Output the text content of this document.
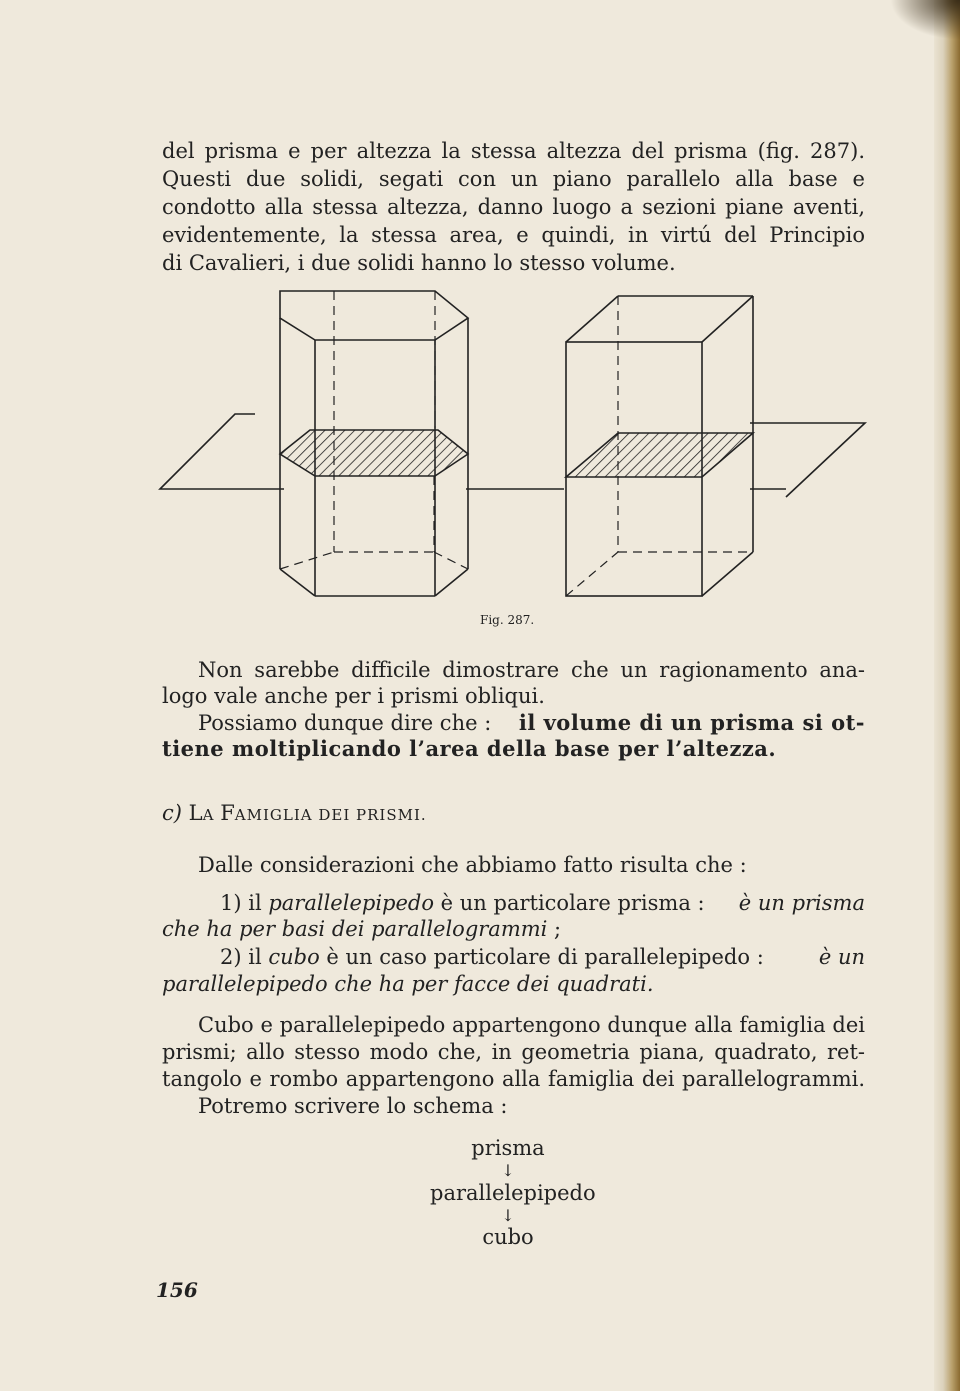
del prisma e per altezza la stessa altezza del prisma (fig. 287).
Questi due solidi, segati con un piano parallelo alla base e
condotto alla stessa altezza, danno luogo a sezioni piane aventi,
evidentemente, la stessa area, e quindi, in virtú del Principio
di Cavalieri, i due solidi hanno lo stesso volume.
Fig. 287.
Non sarebbe difficile dimostrare che un ragionamento ana-
logo vale anche per i prismi obliqui.
Possiamo dunque dire che : il volume di un prisma si ot-
tiene moltiplicando l’area della base per l’altezza.
c) LA FAMIGLIA DEI PRISMI.
Dalle considerazioni che abbiamo fatto risulta che :
1) il parallelepipedo è un particolare prisma : è un prisma
che ha per basi dei parallelogrammi ;
2) il cubo è un caso particolare di parallelepipedo :	è un
parallelepipedo che ha per facce dei quadrati.
Cubo e parallelepipedo appartengono dunque alla famiglia dei
prismi; allo stesso modo che, in geometria piana, quadrato, ret-
tangolo e rombo appartengono alla famiglia dei parallelogrammi.
Potremo scrivere lo schema :
prisma
↓
parallelepipedo
↓
cubo
156
